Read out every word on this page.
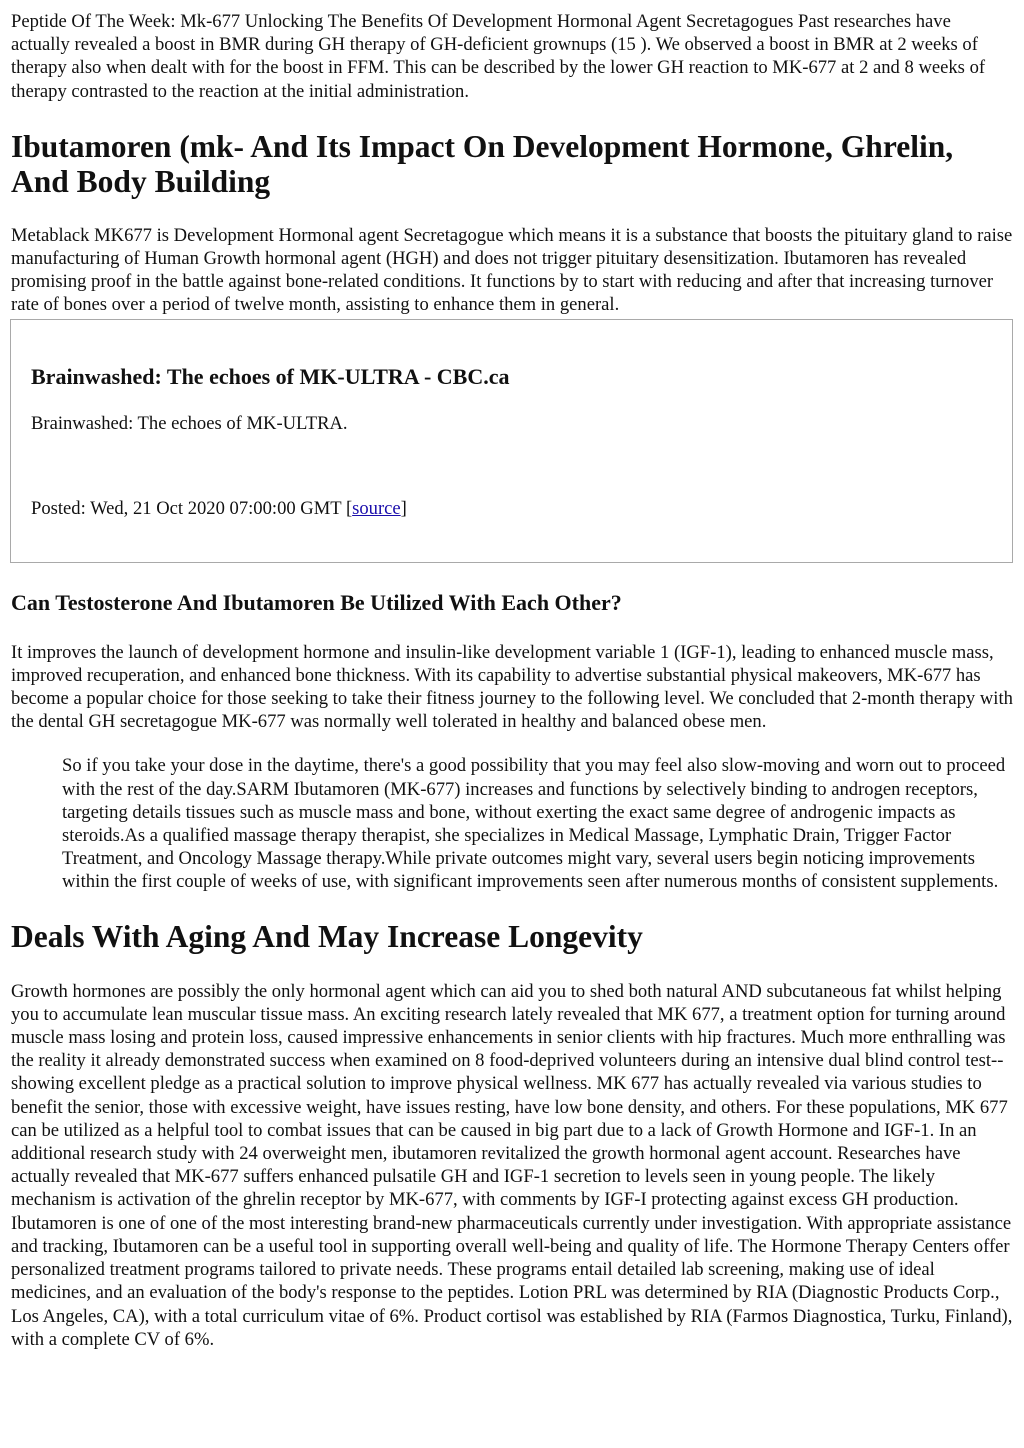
Peptide Of The Week: Mk-677 Unlocking The Benefits Of Development Hormonal Agent Secretagogues Past researches have actually revealed a boost in BMR during GH therapy of GH-deficient grownups (15 ). We observed a boost in BMR at 2 weeks of therapy also when dealt with for the boost in FFM. This can be described by the lower GH reaction to MK-677 at 2 and 8 weeks of therapy contrasted to the reaction at the initial administration.

Ibutamoren (mk- And Its Impact On Development Hormone, Ghrelin, And Body Building

Metablack MK677 is Development Hormonal agent Secretagogue which means it is a substance that boosts the pituitary gland to raise manufacturing of Human Growth hormonal agent (HGH) and does not trigger pituitary desensitization. Ibutamoren has revealed promising proof in the battle against bone-related conditions. It functions by to start with reducing and after that increasing turnover rate of bones over a period of twelve month, assisting to enhance them in general.

Brainwashed: The echoes of MK-ULTRA - CBC.ca

Brainwashed: The echoes of MK-ULTRA.

Posted: Wed, 21 Oct 2020 07:00:00 GMT [source]

Can Testosterone And Ibutamoren Be Utilized With Each Other?

It improves the launch of development hormone and insulin-like development variable 1 (IGF-1), leading to enhanced muscle mass, improved recuperation, and enhanced bone thickness. With its capability to advertise substantial physical makeovers, MK-677 has become a popular choice for those seeking to take their fitness journey to the following level. We concluded that 2-month therapy with the dental GH secretagogue MK-677 was normally well tolerated in healthy and balanced obese men.

So if you take your dose in the daytime, there's a good possibility that you may feel also slow-moving and worn out to proceed with the rest of the day.SARM Ibutamoren (MK-677) increases and functions by selectively binding to androgen receptors, targeting details tissues such as muscle mass and bone, without exerting the exact same degree of androgenic impacts as steroids.As a qualified massage therapy therapist, she specializes in Medical Massage, Lymphatic Drain, Trigger Factor Treatment, and Oncology Massage therapy.While private outcomes might vary, several users begin noticing improvements within the first couple of weeks of use, with significant improvements seen after numerous months of consistent supplements.
Deals With Aging And May Increase Longevity

Growth hormones are possibly the only hormonal agent which can aid you to shed both natural AND subcutaneous fat whilst helping you to accumulate lean muscular tissue mass. An exciting research lately revealed that MK 677, a treatment option for turning around muscle mass losing and protein loss, caused impressive enhancements in senior clients with hip fractures. Much more enthralling was the reality it already demonstrated success when examined on 8 food-deprived volunteers during an intensive dual blind control test-- showing excellent pledge as a practical solution to improve physical wellness. MK 677 has actually revealed via various studies to benefit the senior, those with excessive weight, have issues resting, have low bone density, and others. For these populations, MK 677 can be utilized as a helpful tool to combat issues that can be caused in big part due to a lack of Growth Hormone and IGF-1. In an additional research study with 24 overweight men, ibutamoren revitalized the growth hormonal agent account. Researches have actually revealed that MK-677 suffers enhanced pulsatile GH and IGF-1 secretion to levels seen in young people. The likely mechanism is activation of the ghrelin receptor by MK-677, with comments by IGF-I protecting against excess GH production. Ibutamoren is one of one of the most interesting brand-new pharmaceuticals currently under investigation. With appropriate assistance and tracking, Ibutamoren can be a useful tool in supporting overall well-being and quality of life. The Hormone Therapy Centers offer personalized treatment programs tailored to private needs. These programs entail detailed lab screening, making use of ideal medicines, and an evaluation of the body's response to the peptides. Lotion PRL was determined by RIA (Diagnostic Products Corp., Los Angeles, CA), with a total curriculum vitae of 6%. Product cortisol was established by RIA (Farmos Diagnostica, Turku, Finland), with a complete CV of 6%.
